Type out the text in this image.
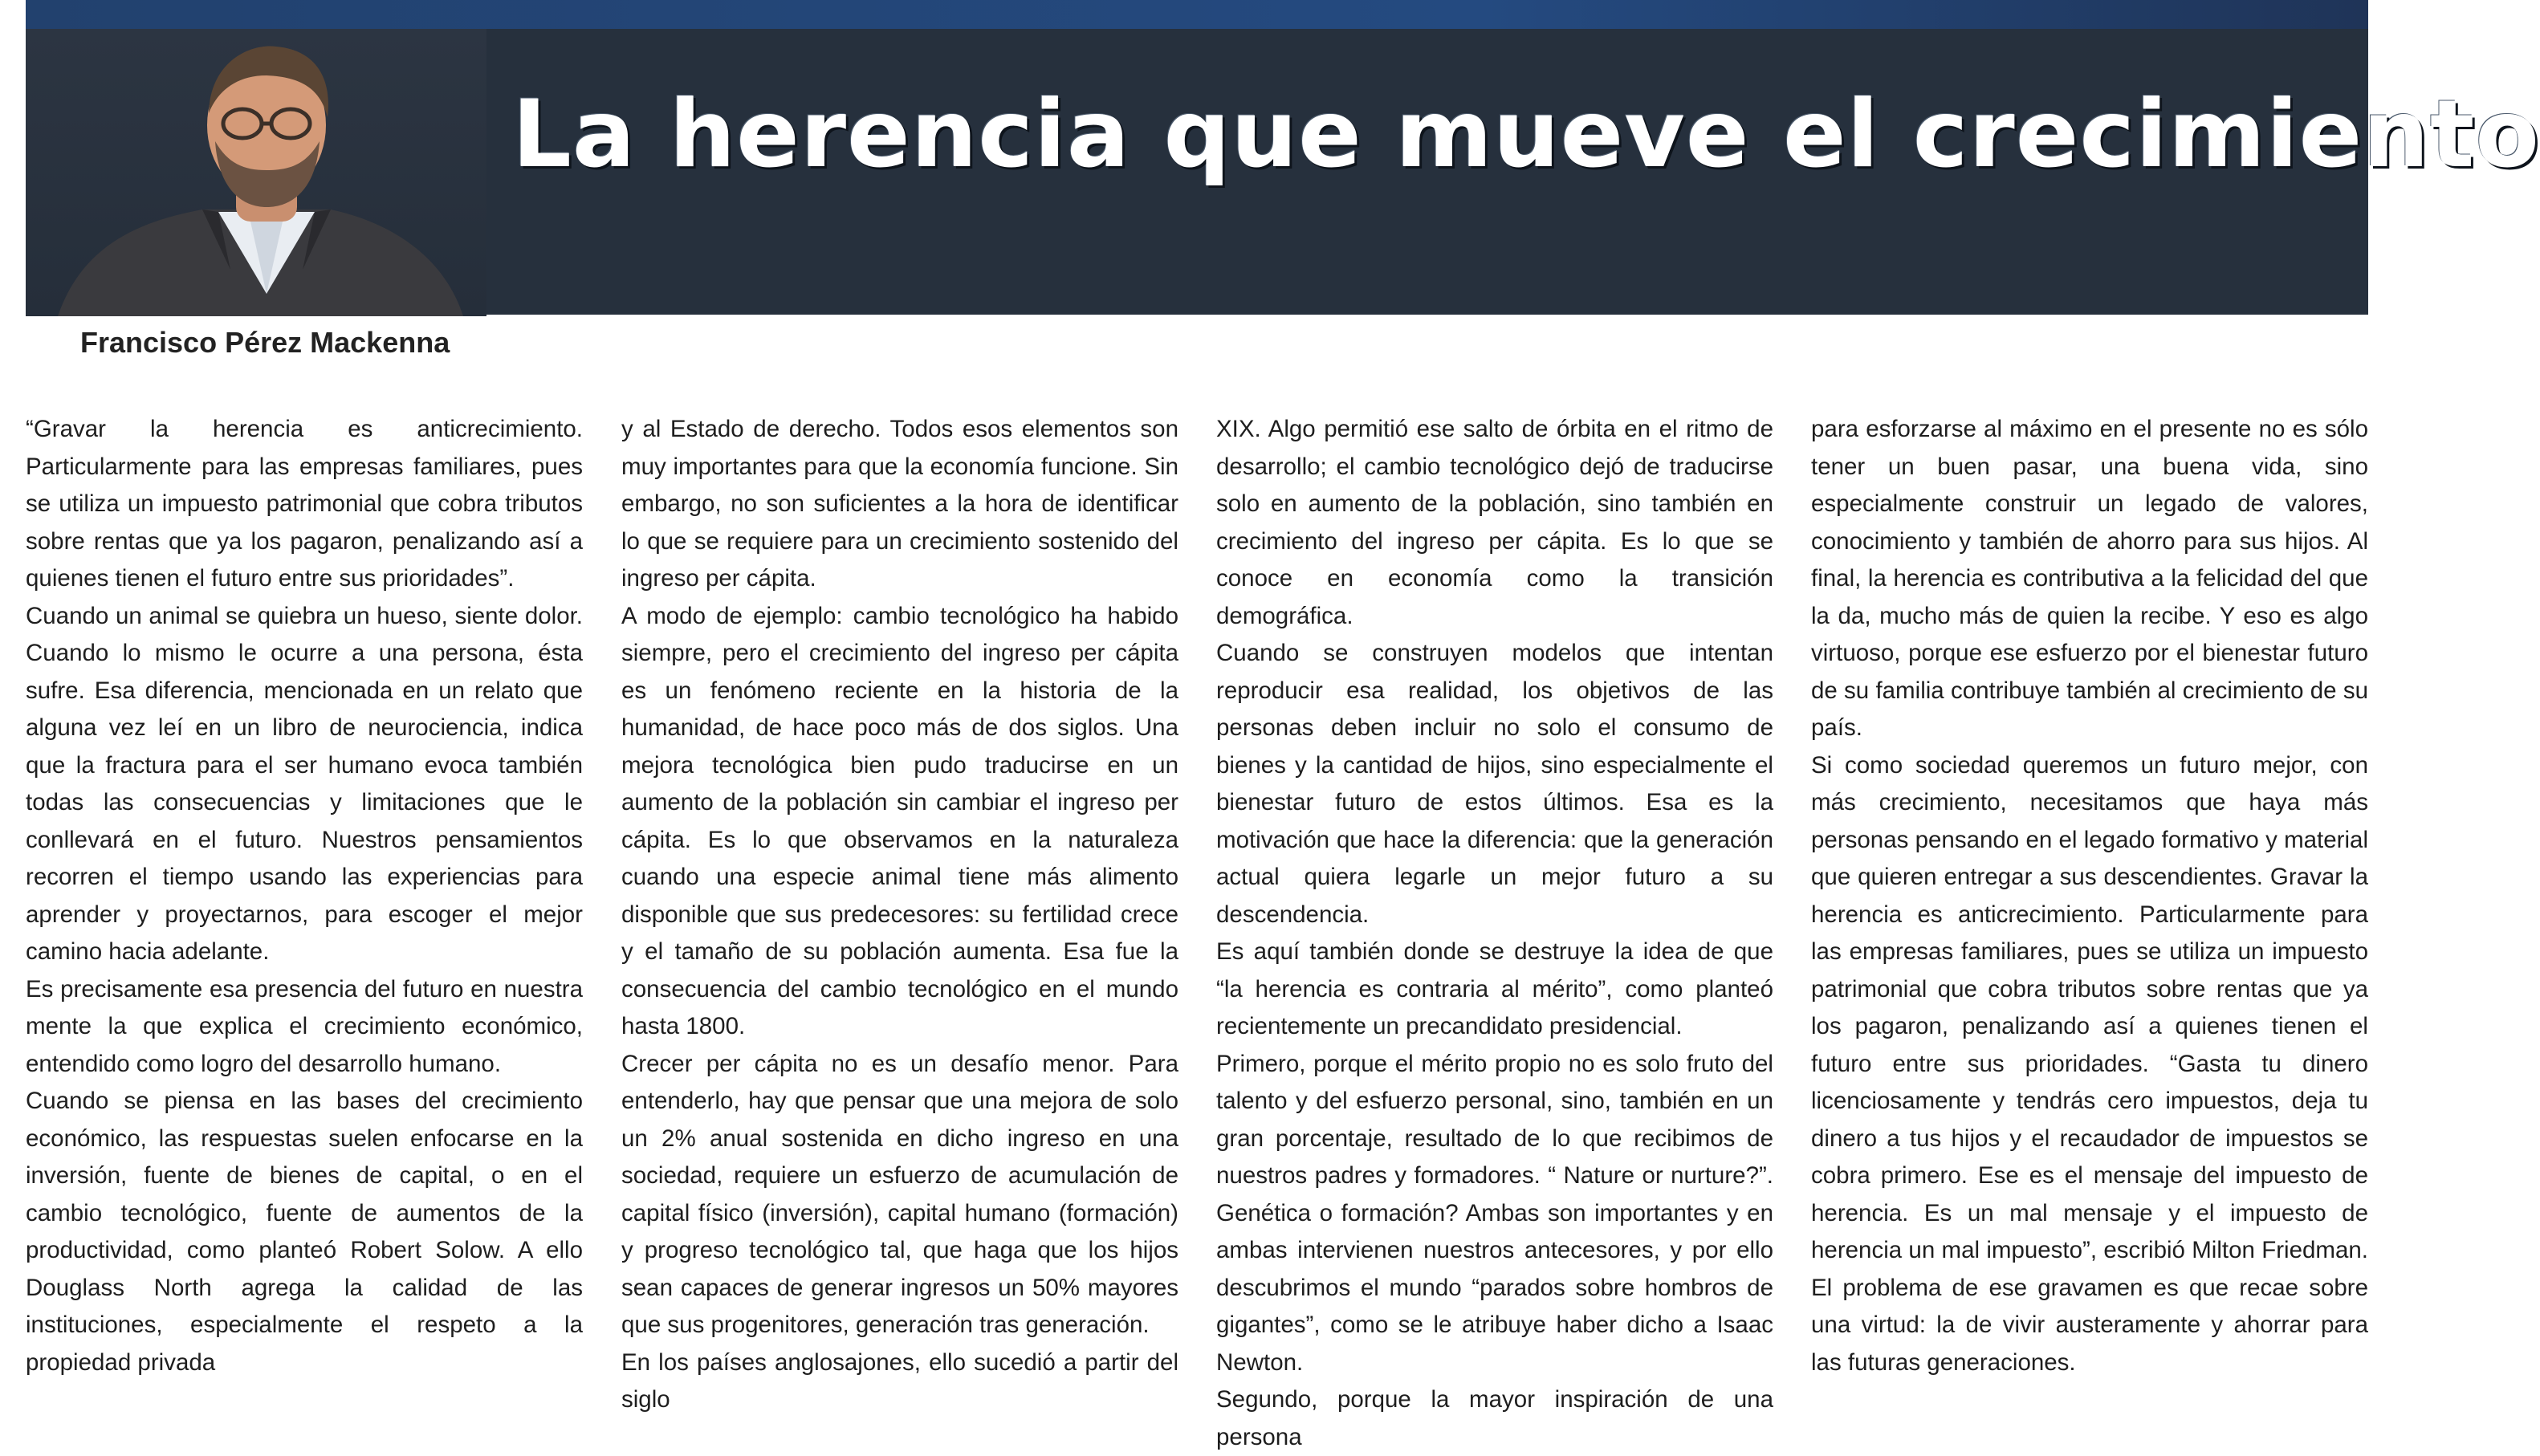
La herencia que mueve el crecimiento
Francisco Pérez Mackenna

“Gravar la herencia es anticrecimiento. Particularmente para las empresas familiares, pues se utiliza un impuesto patrimonial que cobra tributos sobre rentas que ya los pagaron, penalizando así a quienes tienen el futuro entre sus prioridades”.

Cuando un animal se quiebra un hueso, siente dolor. Cuando lo mismo le ocurre a una persona, ésta sufre. Esa diferencia, mencionada en un relato que alguna vez leí en un libro de neurociencia, indica que la fractura para el ser humano evoca también todas las consecuencias y limitaciones que le conllevará en el futuro. Nuestros pensamientos recorren el tiempo usando las experiencias para aprender y proyectarnos, para escoger el mejor camino hacia adelante.

Es precisamente esa presencia del futuro en nuestra mente la que explica el crecimiento económico, entendido como logro del desarrollo humano.

Cuando se piensa en las bases del crecimiento económico, las respuestas suelen enfocarse en la inversión, fuente de bienes de capital, o en el cambio tecnológico, fuente de aumentos de la productividad, como planteó Robert Solow. A ello Douglass North agrega la calidad de las instituciones, especialmente el respeto a la propiedad privada

y al Estado de derecho. Todos esos elementos son muy importantes para que la economía funcione. Sin embargo, no son suficientes a la hora de identificar lo que se requiere para un crecimiento sostenido del ingreso per cápita.

A modo de ejemplo: cambio tecnológico ha habido siempre, pero el crecimiento del ingreso per cápita es un fenómeno reciente en la historia de la humanidad, de hace poco más de dos siglos. Una mejora tecnológica bien pudo traducirse en un aumento de la población sin cambiar el ingreso per cápita. Es lo que observamos en la naturaleza cuando una especie animal tiene más alimento disponible que sus predecesores: su fertilidad crece y el tamaño de su población aumenta. Esa fue la consecuencia del cambio tecnológico en el mundo hasta 1800.

Crecer per cápita no es un desafío menor. Para entenderlo, hay que pensar que una mejora de solo un 2% anual sostenida en dicho ingreso en una sociedad, requiere un esfuerzo de acumulación de capital físico (inversión), capital humano (formación) y progreso tecnológico tal, que haga que los hijos sean capaces de generar ingresos un 50% mayores que sus progenitores, generación tras generación.

En los países anglosajones, ello sucedió a partir del siglo

XIX. Algo permitió ese salto de órbita en el ritmo de desarrollo; el cambio tecnológico dejó de traducirse solo en aumento de la población, sino también en crecimiento del ingreso per cápita. Es lo que se conoce en economía como la transición demográfica.

Cuando se construyen modelos que intentan reproducir esa realidad, los objetivos de las personas deben incluir no solo el consumo de bienes y la cantidad de hijos, sino especialmente el bienestar futuro de estos últimos. Esa es la motivación que hace la diferencia: que la generación actual quiera legarle un mejor futuro a su descendencia.

Es aquí también donde se destruye la idea de que “la herencia es contraria al mérito”, como planteó recientemente un precandidato presidencial.

Primero, porque el mérito propio no es solo fruto del talento y del esfuerzo personal, sino, también en un gran porcentaje, resultado de lo que recibimos de nuestros padres y formadores. “ Nature or nurture?”. Genética o formación? Ambas son importantes y en ambas intervienen nuestros antecesores, y por ello descubrimos el mundo “parados sobre hombros de gigantes”, como se le atribuye haber dicho a Isaac Newton.

Segundo, porque la mayor inspiración de una persona

para esforzarse al máximo en el presente no es sólo tener un buen pasar, una buena vida, sino especialmente construir un legado de valores, conocimiento y también de ahorro para sus hijos. Al final, la herencia es contributiva a la felicidad del que la da, mucho más de quien la recibe. Y eso es algo virtuoso, porque ese esfuerzo por el bienestar futuro de su familia contribuye también al crecimiento de su país.

Si como sociedad queremos un futuro mejor, con más crecimiento, necesitamos que haya más personas pensando en el legado formativo y material que quieren entregar a sus descendientes. Gravar la herencia es anticrecimiento. Particularmente para las empresas familiares, pues se utiliza un impuesto patrimonial que cobra tributos sobre rentas que ya los pagaron, penalizando así a quienes tienen el futuro entre sus prioridades. “Gasta tu dinero licenciosamente y tendrás cero impuestos, deja tu dinero a tus hijos y el recaudador de impuestos se cobra primero. Ese es el mensaje del impuesto de herencia. Es un mal mensaje y el impuesto de herencia un mal impuesto”, escribió Milton Friedman. El problema de ese gravamen es que recae sobre una virtud: la de vivir austeramente y ahorrar para las futuras generaciones.
